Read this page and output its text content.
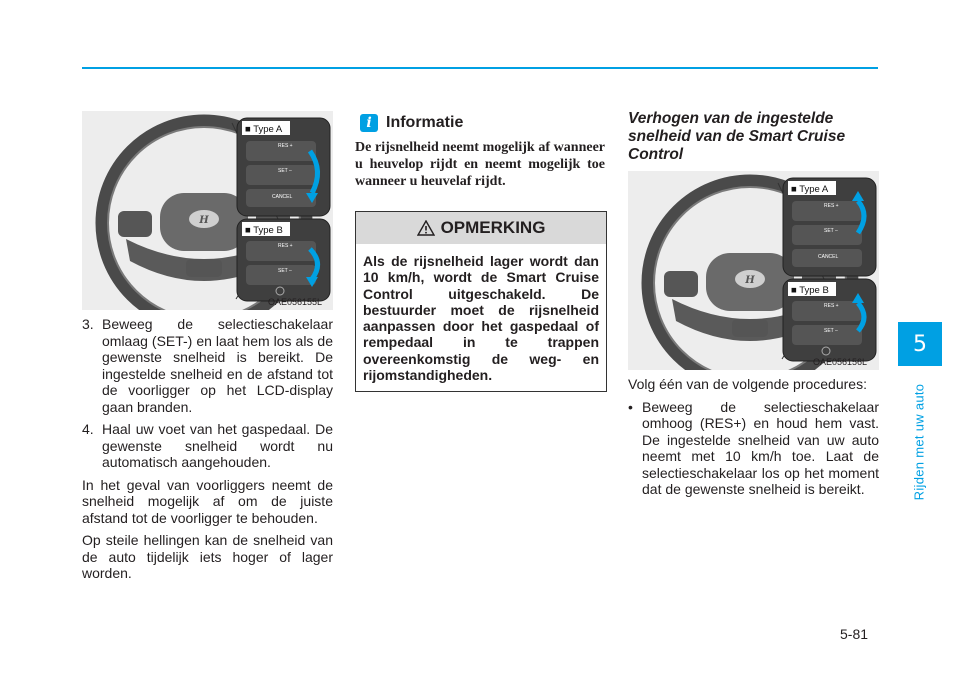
H
■ Type A
■ Type B
RES +
SET –
CANCEL
RES +
SET –
OAE056155L
3. Beweeg de selectieschakelaar omlaag (SET-) en laat hem los als de gewenste snelheid is bereikt. De ingestelde snelheid en de afstand tot de voorligger op het LCD-display gaan branden.
4. Haal uw voet van het gaspedaal. De gewenste snelheid wordt nu automatisch aangehouden.

In het geval van voorliggers neemt de snelheid mogelijk af om de juiste afstand tot de voorligger te behouden.

Op steile hellingen kan de snelheid van de auto tijdelijk iets hoger of lager worden.

i Informatie
De rijsnelheid neemt mogelijk af wanneer u heuvelop rijdt en neemt mogelijk toe wanneer u heuvelaf rijdt.
OPMERKING
Als de rijsnelheid lager wordt dan 10 km/h, wordt de Smart Cruise Control uitgeschakeld. De bestuurder moet de rijsnelheid aanpassen door het gaspedaal of rempedaal in te trappen overeenkomstig de weg- en rijomstandigheden.
Verhogen van de ingestelde snelheid van de Smart Cruise Control
H
■ Type A
■ Type B
RES +
SET –
CANCEL
RES +
SET –
OAE056156L

Volg één van de volgende procedures:

• Beweeg de selectieschakelaar omhoog (RES+) en houd hem vast. De ingestelde snelheid van uw auto neemt met 10 km/h toe. Laat de selectieschakelaar los op het moment dat de gewenste snelheid is bereikt.
5
Rijden met uw auto
5-81
